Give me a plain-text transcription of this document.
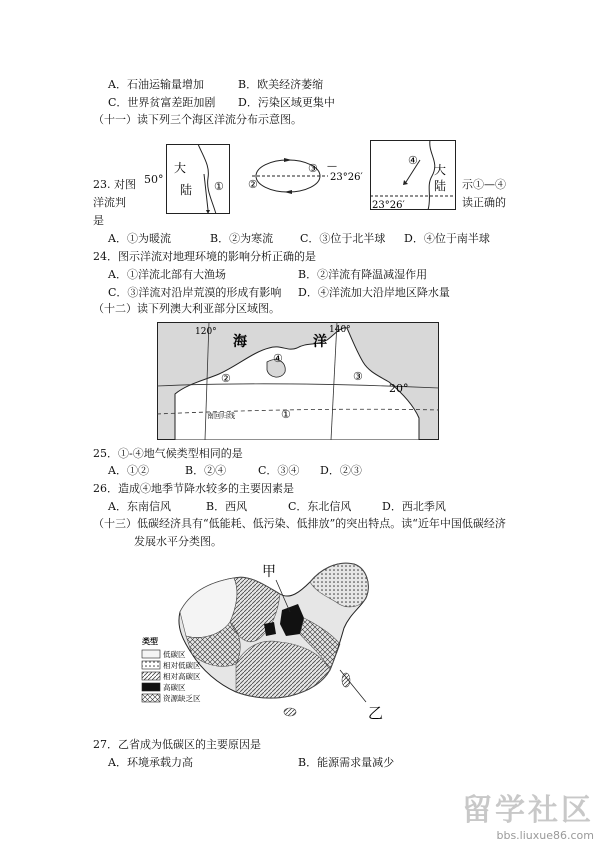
A．石油运输量增加	B．欧美经济萎缩
C．世界贫富差距加剧 D．污染区域更集中
（十一）读下列三个海区洋流分布示意图。
大
陆 ①
50°	②
③
23°26′
—	④
大
陆
23°26′
23. 对图
洋流判
是
示①—④
读正确的
A．①为暖流	B．②为寒流 C．③位于北半球 D．④位于南半球
24．图示洋流对地理环境的影响分析正确的是
A．①洋流北部有大渔场	B．②洋流有降温减湿作用
C．③洋流对沿岸荒漠的形成有影响 D．④洋流加大沿岸地区降水量
（十二）读下列澳大利亚部分区域图。
120°	140°
海	洋
④
②	③
①
20°
南回归线
25．①-④地气候类型相同的是
A．①②	B．②④	C．③④ D．②③
26．造成④地季节降水较多的主要因素是
A．东南信风	B．西风	C．东北信风	D．西北季风
（十三）低碳经济具有“低能耗、低污染、低排放”的突出特点。读“近年中国低碳经济
发展水平分类图。
甲
乙
类型
低碳区
相对低碳区
相对高碳区
高碳区
资源缺乏区
27．乙省成为低碳区的主要原因是
A．环境承载力高	B．能源需求量减少
留学社区
bbs.liuxue86.com
